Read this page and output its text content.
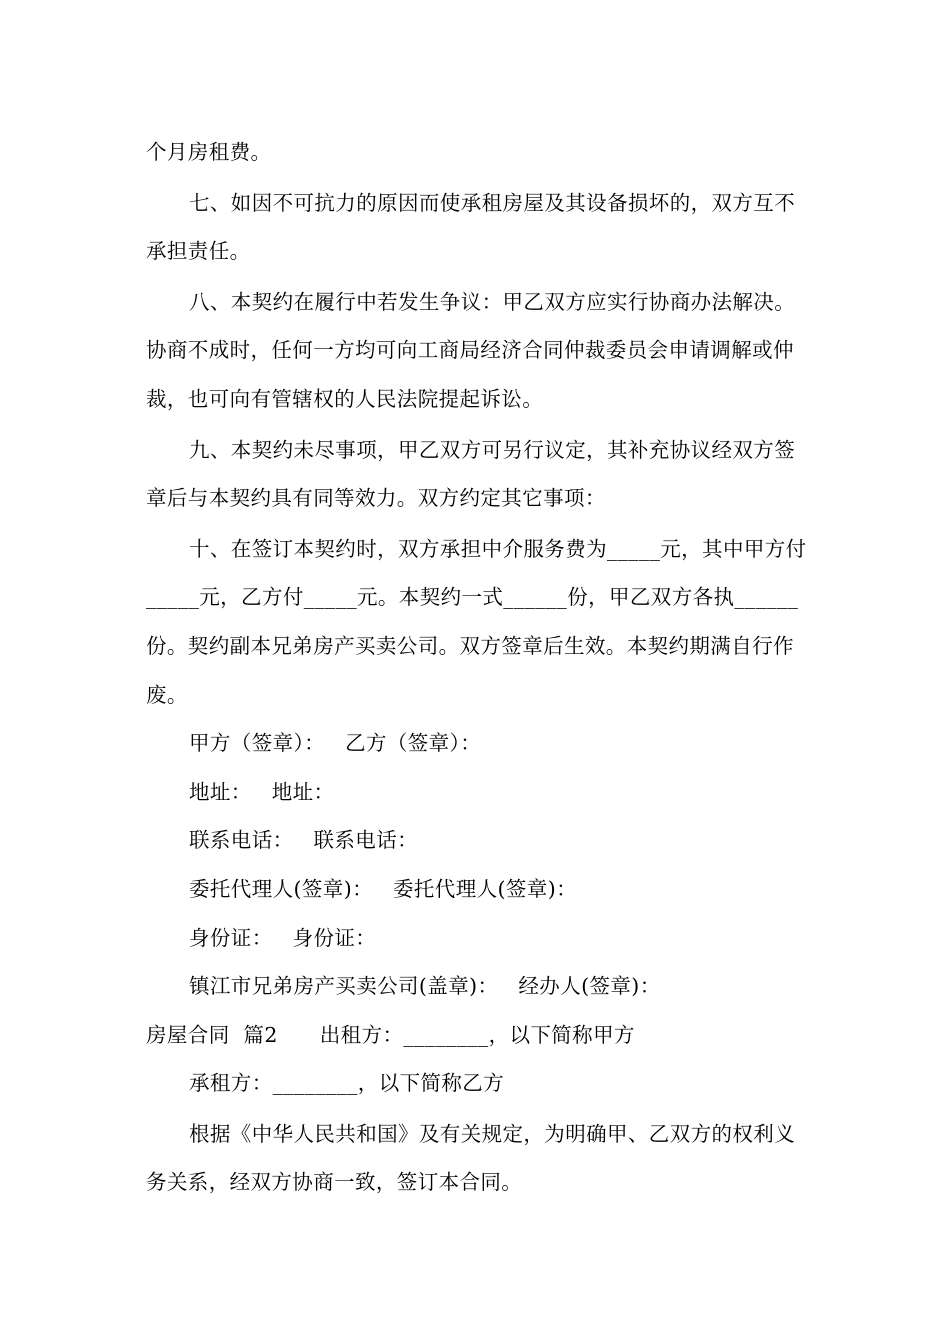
个月房租费。

七、如因不可抗力的原因而使承租房屋及其设备损坏的，双方互不承担责任。

八、本契约在履行中若发生争议：甲乙双方应实行协商办法解决。协商不成时，任何一方均可向工商局经济合同仲裁委员会申请调解或仲裁，也可向有管辖权的人民法院提起诉讼。

九、本契约未尽事项，甲乙双方可另行议定，其补充协议经双方签章后与本契约具有同等效力。双方约定其它事项：

十、在签订本契约时，双方承担中介服务费为_____元，其中甲方付_____元，乙方付_____元。本契约一式______份，甲乙双方各执______份。契约副本兄弟房产买卖公司。双方签章后生效。本契约期满自行作废。

甲方（签章）： 乙方（签章）：

地址： 地址：

联系电话： 联系电话：

委托代理人(签章)： 委托代理人(签章)：

身份证： 身份证：

镇江市兄弟房产买卖公司(盖章)： 经办人(签章)：

房屋合同  篇2 出租方：________，以下简称甲方

承租方：________，以下简称乙方

根据《中华人民共和国》及有关规定，为明确甲、乙双方的权利义务关系，经双方协商一致，签订本合同。
